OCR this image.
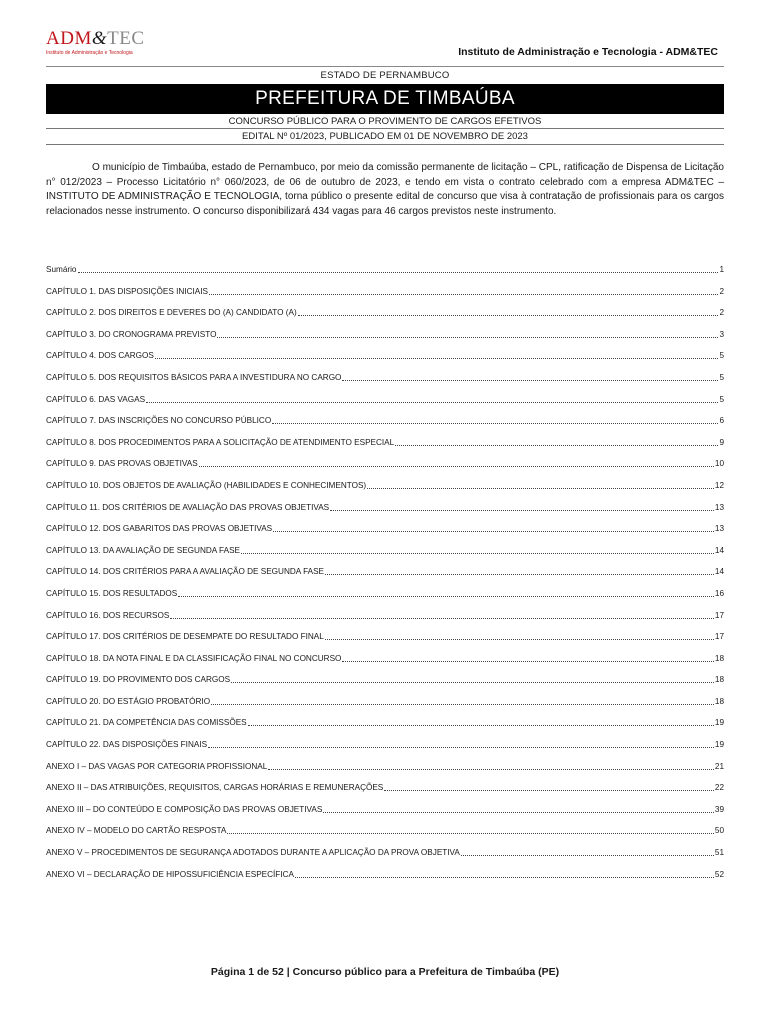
ADM&TEC
Instituto de Administração e Tecnologia	Instituto de Administração e Tecnologia - ADM&TEC
ESTADO DE PERNAMBUCO
PREFEITURA DE TIMBAÚBA
CONCURSO PÚBLICO PARA O PROVIMENTO DE CARGOS EFETIVOS
EDITAL Nº 01/2023, PUBLICADO EM 01 DE NOVEMBRO DE 2023

O município de Timbaúba, estado de Pernambuco, por meio da comissão permanente de licitação – CPL, ratificação de Dispensa de Licitação n° 012/2023 – Processo Licitatório n° 060/2023, de 06 de outubro de 2023, e tendo em vista o contrato celebrado com a empresa ADM&TEC – INSTITUTO DE ADMINISTRAÇÃO E TECNOLOGIA, torna público o presente edital de concurso que visa à contratação de profissionais para os cargos relacionados nesse instrumento. O concurso disponibilizará 434 vagas para 46 cargos previstos neste instrumento.

Sumário	1
CAPÍTULO 1. DAS DISPOSIÇÕES INICIAIS	2
CAPÍTULO 2. DOS DIREITOS E DEVERES DO (A) CANDIDATO (A)	2
CAPÍTULO 3. DO CRONOGRAMA PREVISTO	3
CAPÍTULO 4. DOS CARGOS	5
CAPÍTULO 5. DOS REQUISITOS BÁSICOS PARA A INVESTIDURA NO CARGO	5
CAPÍTULO 6. DAS VAGAS	5
CAPÍTULO 7. DAS INSCRIÇÕES NO CONCURSO PÚBLICO	6
CAPÍTULO 8. DOS PROCEDIMENTOS PARA A SOLICITAÇÃO DE ATENDIMENTO ESPECIAL	9
CAPÍTULO 9. DAS PROVAS OBJETIVAS	10
CAPÍTULO 10. DOS OBJETOS DE AVALIAÇÃO (HABILIDADES E CONHECIMENTOS)	12
CAPÍTULO 11. DOS CRITÉRIOS DE AVALIAÇÃO DAS PROVAS OBJETIVAS	13
CAPÍTULO 12. DOS GABARITOS DAS PROVAS OBJETIVAS	13
CAPÍTULO 13. DA AVALIAÇÃO DE SEGUNDA FASE	14
CAPÍTULO 14. DOS CRITÉRIOS PARA A AVALIAÇÃO DE SEGUNDA FASE	14
CAPÍTULO 15. DOS RESULTADOS	16
CAPÍTULO 16. DOS RECURSOS	17
CAPÍTULO 17. DOS CRITÉRIOS DE DESEMPATE DO RESULTADO FINAL	17
CAPÍTULO 18. DA NOTA FINAL E DA CLASSIFICAÇÃO FINAL NO CONCURSO	18
CAPÍTULO 19. DO PROVIMENTO DOS CARGOS	18
CAPÍTULO 20. DO ESTÁGIO PROBATÓRIO	18
CAPÍTULO 21. DA COMPETÊNCIA DAS COMISSÕES	19
CAPÍTULO 22. DAS DISPOSIÇÕES FINAIS	19
ANEXO I – DAS VAGAS POR CATEGORIA PROFISSIONAL	21
ANEXO II – DAS ATRIBUIÇÕES, REQUISITOS, CARGAS HORÁRIAS E REMUNERAÇÕES	22
ANEXO III – DO CONTEÚDO E COMPOSIÇÃO DAS PROVAS OBJETIVAS	39
ANEXO IV – MODELO DO CARTÃO RESPOSTA	50
ANEXO V – PROCEDIMENTOS DE SEGURANÇA ADOTADOS DURANTE A APLICAÇÃO DA PROVA OBJETIVA	51
ANEXO VI – DECLARAÇÃO DE HIPOSSUFICIÊNCIA ESPECÍFICA	52
Página 1 de 52 | Concurso público para a Prefeitura de Timbaúba (PE)
